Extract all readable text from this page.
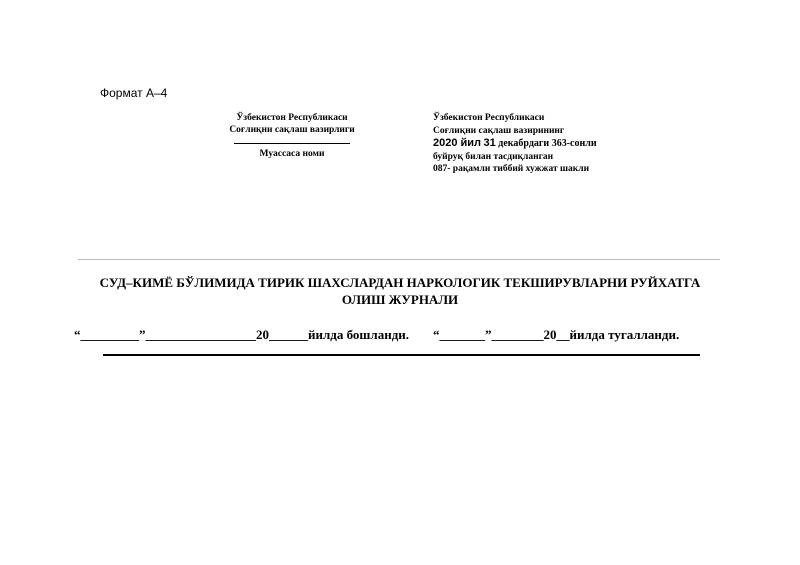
Формат А–4
Ўзбекистон Республикаси
Соғлиқни сақлаш вазирлиги
Муассаса номи
Ўзбекистон Республикаси
Соғлиқни сақлаш вазирининг
2020 йил 31 декабрдаги 363-сонли
буйруқ билан тасдиқланган
087- рақамли тиббий хужжат шакли
СУД–КИМЁ БЎЛИМИДА ТИРИК ШАХСЛАРДАН НАРКОЛОГИК ТЕКШИРУВЛАРНИ РУЙХАТГА
ОЛИШ ЖУРНАЛИ
“_________”_________________20______йилда бошланди. “_______”________20__йилда тугалланди.
